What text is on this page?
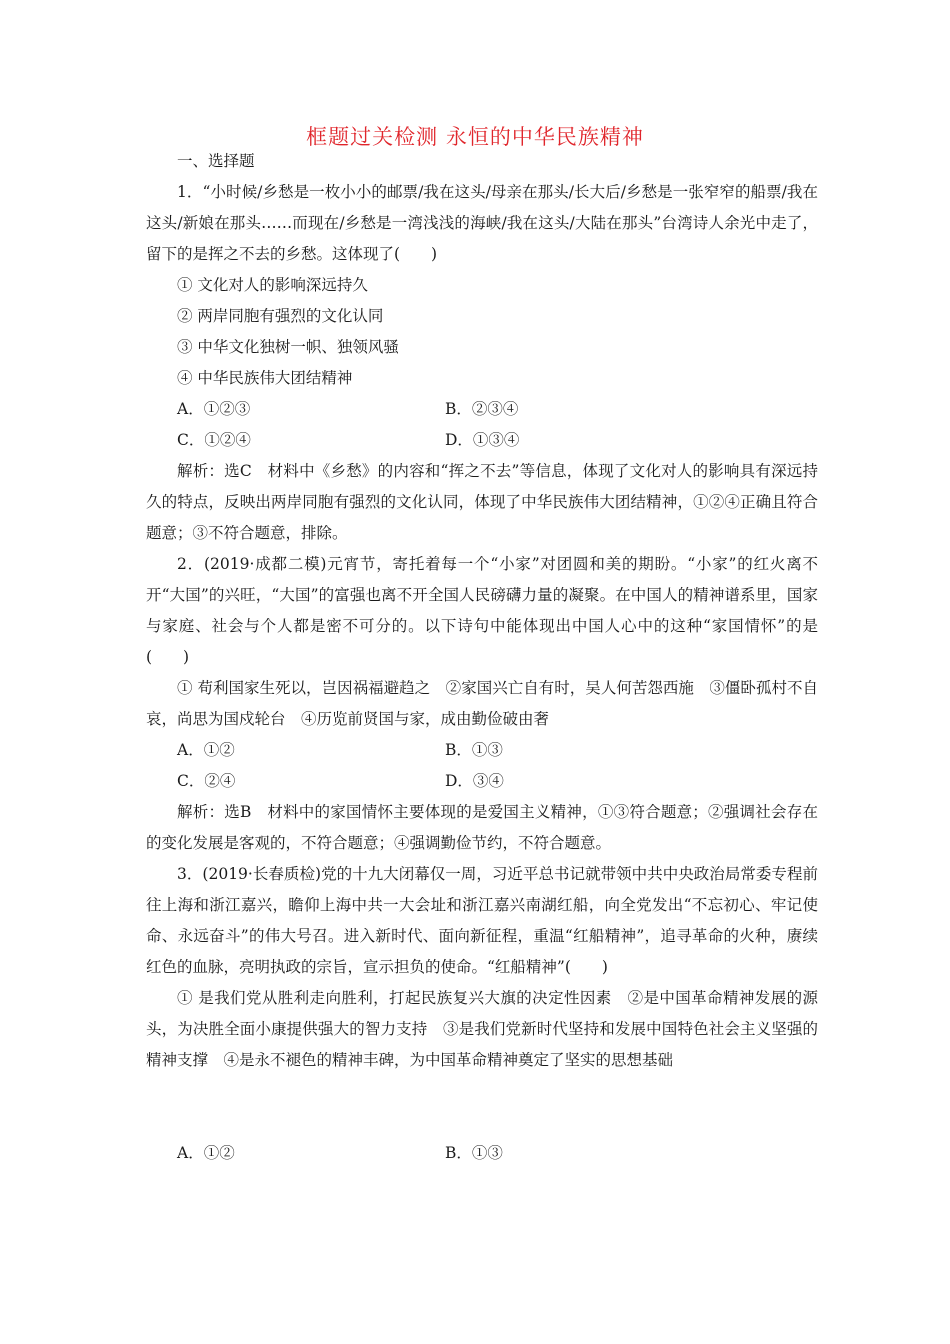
框题过关检测 永恒的中华民族精神

一、选择题

1．“小时候/乡愁是一枚小小的邮票/我在这头/母亲在那头/长大后/乡愁是一张窄窄的船票/我在这头/新娘在那头……而现在/乡愁是一湾浅浅的海峡/我在这头/大陆在那头”台湾诗人余光中走了，留下的是挥之不去的乡愁。这体现了(　　)

① 文化对人的影响深远持久

② 两岸同胞有强烈的文化认同

③ 中华文化独树一帜、独领风骚

④ 中华民族伟大团结精神

A．①②③	B．②③④
C．①②④	D．①③④

解析：选C　材料中《乡愁》的内容和“挥之不去”等信息，体现了文化对人的影响具有深远持久的特点，反映出两岸同胞有强烈的文化认同，体现了中华民族伟大团结精神，①②④正确且符合题意；③不符合题意，排除。

2．(2019·成都二模)元宵节，寄托着每一个“小家”对团圆和美的期盼。“小家”的红火离不开“大国”的兴旺，“大国”的富强也离不开全国人民磅礴力量的凝聚。在中国人的精神谱系里，国家与家庭、社会与个人都是密不可分的。以下诗句中能体现出中国人心中的这种“家国情怀”的是(　　)

① 苟利国家生死以，岂因祸福避趋之　②家国兴亡自有时，吴人何苦怨西施　③僵卧孤村不自哀，尚思为国戍轮台　④历览前贤国与家，成由勤俭破由奢

A．①②	B．①③
C．②④	D．③④

解析：选B　材料中的家国情怀主要体现的是爱国主义精神，①③符合题意；②强调社会存在的变化发展是客观的，不符合题意；④强调勤俭节约，不符合题意。

3．(2019·长春质检)党的十九大闭幕仅一周，习近平总书记就带领中共中央政治局常委专程前往上海和浙江嘉兴，瞻仰上海中共一大会址和浙江嘉兴南湖红船，向全党发出“不忘初心、牢记使命、永远奋斗”的伟大号召。进入新时代、面向新征程，重温“红船精神”，追寻革命的火种，赓续红色的血脉，亮明执政的宗旨，宣示担负的使命。“红船精神”(　　)

① 是我们党从胜利走向胜利，打起民族复兴大旗的决定性因素　②是中国革命精神发展的源头，为决胜全面小康提供强大的智力支持　③是我们党新时代坚持和发展中国特色社会主义坚强的精神支撑　④是永不褪色的精神丰碑，为中国革命精神奠定了坚实的思想基础

A．①②	B．①③
